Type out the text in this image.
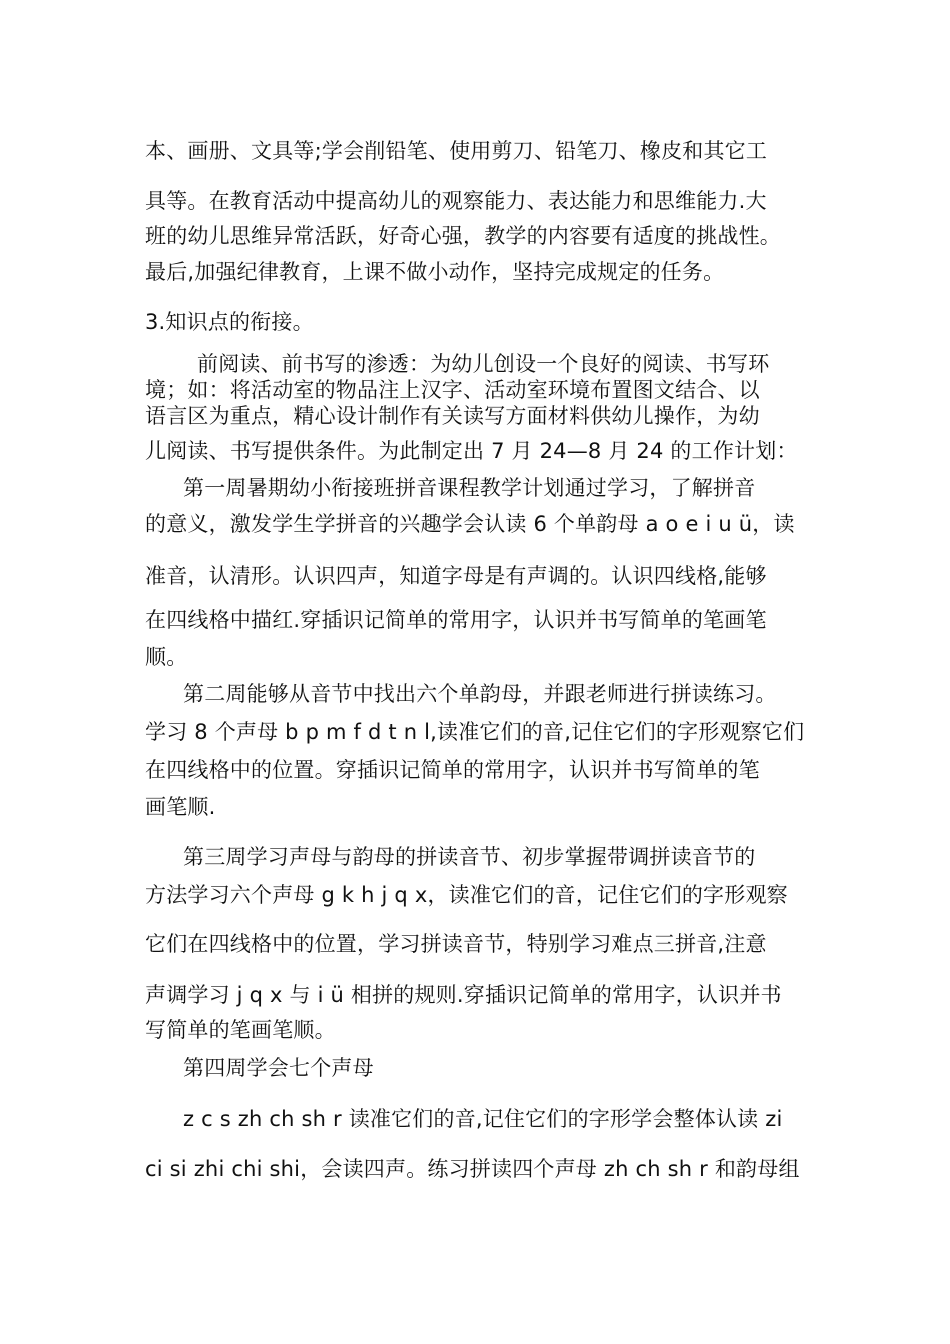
本、画册、文具等;学会削铅笔、使用剪刀、铅笔刀、橡皮和其它工
具等。在教育活动中提高幼儿的观察能力、表达能力和思维能力.大
班的幼儿思维异常活跃，好奇心强，教学的内容要有适度的挑战性。
最后,加强纪律教育，上课不做小动作，坚持完成规定的任务。
3.知识点的衔接。
前阅读、前书写的渗透：为幼儿创设一个良好的阅读、书写环
境；如：将活动室的物品注上汉字、活动室环境布置图文结合、以
语言区为重点，精心设计制作有关读写方面材料供幼儿操作，为幼
儿阅读、书写提供条件。为此制定出 7 月 24—8 月 24 的工作计划：
第一周暑期幼小衔接班拼音课程教学计划通过学习，了解拼音
的意义，激发学生学拼音的兴趣学会认读 6 个单韵母 a o e i u ü，读
准音，认清形。认识四声，知道字母是有声调的。认识四线格,能够
在四线格中描红.穿插识记简单的常用字，认识并书写简单的笔画笔
顺。
第二周能够从音节中找出六个单韵母，并跟老师进行拼读练习。
学习 8 个声母 b p m f d t n l,读准它们的音,记住它们的字形观察它们
在四线格中的位置。穿插识记简单的常用字，认识并书写简单的笔
画笔顺.
第三周学习声母与韵母的拼读音节、初步掌握带调拼读音节的
方法学习六个声母 g k h j q x，读准它们的音，记住它们的字形观察
它们在四线格中的位置，学习拼读音节，特别学习难点三拼音,注意
声调学习 j q x 与 i ü 相拼的规则.穿插识记简单的常用字，认识并书
写简单的笔画笔顺。
第四周学会七个声母
z c s zh ch sh r 读准它们的音,记住它们的字形学会整体认读 zi
ci si zhi chi shi，会读四声。练习拼读四个声母 zh ch sh r 和韵母组
